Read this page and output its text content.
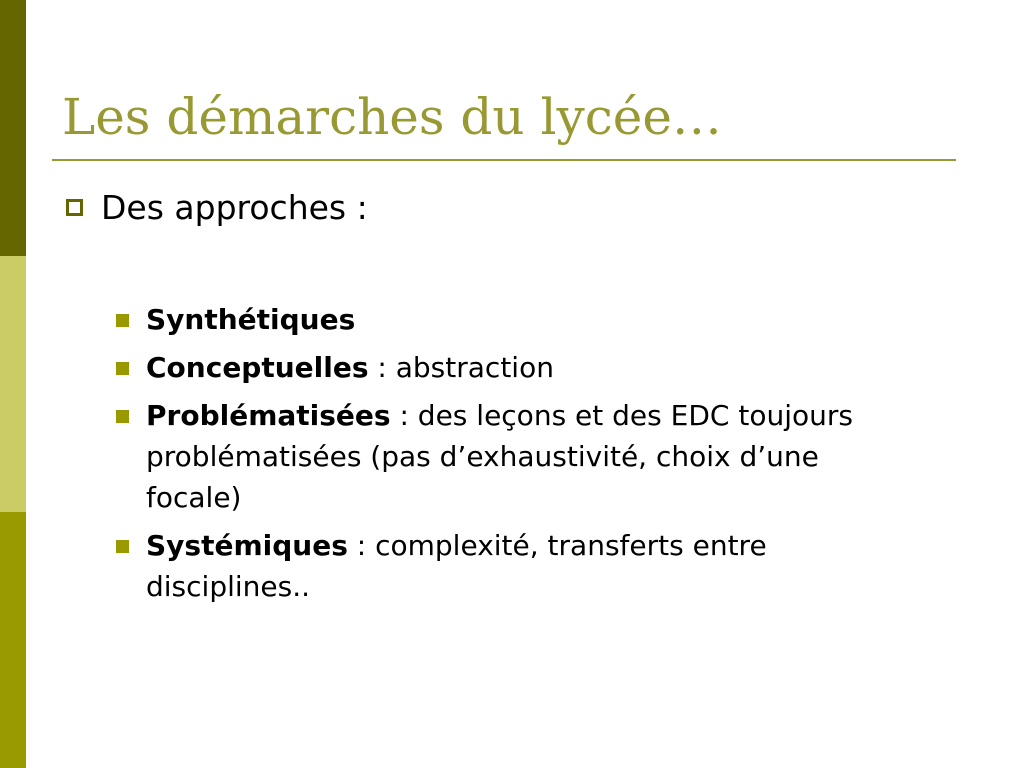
Les démarches du lycée…
Des approches :
Synthétiques
Conceptuelles : abstraction
Problématisées : des leçons et des EDC toujours problématisées (pas d’exhaustivité, choix d’une focale)
Systémiques : complexité, transferts entre disciplines..
